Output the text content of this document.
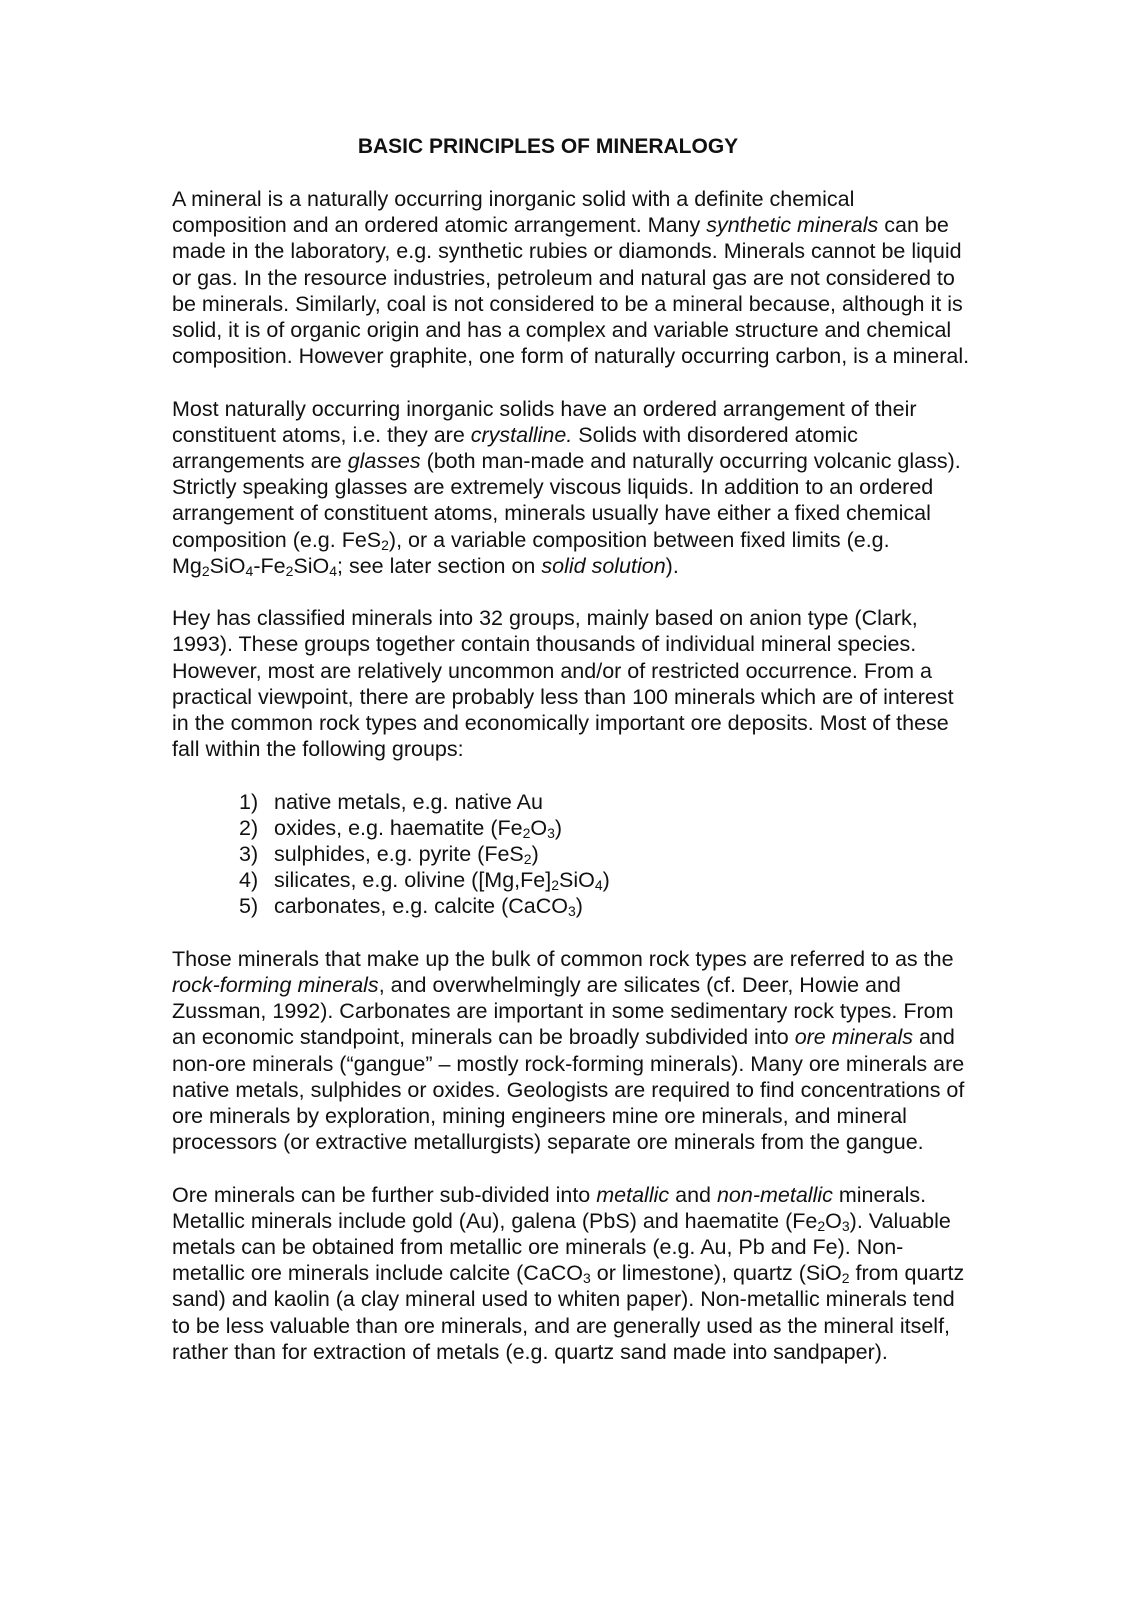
BASIC PRINCIPLES OF MINERALOGY

A mineral is a naturally occurring inorganic solid with a definite chemical composition and an ordered atomic arrangement. Many synthetic minerals can be made in the laboratory, e.g. synthetic rubies or diamonds. Minerals cannot be liquid or gas. In the resource industries, petroleum and natural gas are not considered to be minerals. Similarly, coal is not considered to be a mineral because, although it is solid, it is of organic origin and has a complex and variable structure and chemical composition. However graphite, one form of naturally occurring carbon, is a mineral.

Most naturally occurring inorganic solids have an ordered arrangement of their constituent atoms, i.e. they are crystalline. Solids with disordered atomic arrangements are glasses (both man-made and naturally occurring volcanic glass). Strictly speaking glasses are extremely viscous liquids. In addition to an ordered arrangement of constituent atoms, minerals usually have either a fixed chemical composition (e.g. FeS$_2$), or a variable composition between fixed limits (e.g. $Mg_2SiO_4-Fe_2SiO_4$; see later section on solid solution).

Hey has classified minerals into 32 groups, mainly based on anion type (Clark, 1993). These groups together contain thousands of individual mineral species. However, most are relatively uncommon and/or of restricted occurrence. From a practical viewpoint, there are probably less than 100 minerals which are of interest in the common rock types and economically important ore deposits. Most of these fall within the following groups:

1) native metals, e.g. native Au
2) oxides, e.g. haematite $(Fe_2O_3)$
3) sulphides, e.g. pyrite (FeS$_2$)
4) silicates, e.g. olivine $([Mg,Fe]_2SiO_4)$
5) carbonates, e.g. calcite (CaCO$_3$)

Those minerals that make up the bulk of common rock types are referred to as the rock-forming minerals, and overwhelmingly are silicates (cf. Deer, Howie and Zussman, 1992). Carbonates are important in some sedimentary rock types. From an economic standpoint, minerals can be broadly subdivided into ore minerals and non-ore minerals (“gangue” – mostly rock-forming minerals). Many ore minerals are native metals, sulphides or oxides. Geologists are required to find concentrations of ore minerals by exploration, mining engineers mine ore minerals, and mineral processors (or extractive metallurgists) separate ore minerals from the gangue.

Ore minerals can be further sub-divided into metallic and non-metallic minerals. Metallic minerals include gold (Au), galena (PbS) and haematite $(Fe_2O_3)$. Valuable metals can be obtained from metallic ore minerals (e.g. Au, Pb and Fe). Non-metallic ore minerals include calcite (CaCO$_3$ or limestone), quartz (SiO$_2$ from quartz sand) and kaolin (a clay mineral used to whiten paper). Non-metallic minerals tend to be less valuable than ore minerals, and are generally used as the mineral itself, rather than for extraction of metals (e.g. quartz sand made into sandpaper).
